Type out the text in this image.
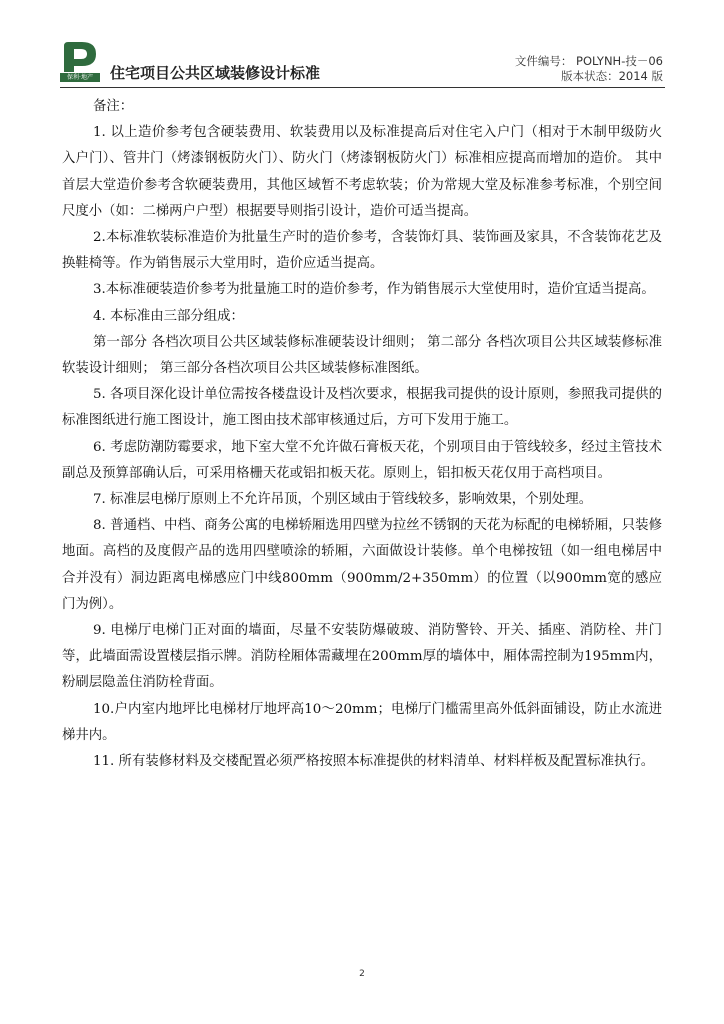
保利·地产	住宅项目公共区域装修设计标准
文件编号： POLYNH-技－06
版本状态：2014 版

备注：

1. 以上造价参考包含硬装费用、软装费用以及标准提高后对住宅入户门（相对于木制甲级防火 入户门）、管井门（烤漆钢板防火门）、防火门（烤漆钢板防火门）标准相应提高而增加的造价。 其中首层大堂造价参考含软硬装费用，其他区域暂不考虑软装；价为常规大堂及标准参考标准，个别空间尺度小（如：二梯两户户型）根据要导则指引设计，造价可适当提高。

2.本标准软装标准造价为批量生产时的造价参考，含装饰灯具、装饰画及家具，不含装饰花艺及换鞋椅等。作为销售展示大堂用时，造价应适当提高。

3.本标准硬装造价参考为批量施工时的造价参考，作为销售展示大堂使用时，造价宜适当提高。

4. 本标准由三部分组成：

第一部分 各档次项目公共区域装修标准硬装设计细则； 第二部分 各档次项目公共区域装修标准软装设计细则； 第三部分各档次项目公共区域装修标准图纸。

5. 各项目深化设计单位需按各楼盘设计及档次要求，根据我司提供的设计原则，参照我司提供的标准图纸进行施工图设计，施工图由技术部审核通过后，方可下发用于施工。

6. 考虑防潮防霉要求，地下室大堂不允许做石膏板天花，个别项目由于管线较多，经过主管技术副总及预算部确认后，可采用格栅天花或铝扣板天花。原则上，铝扣板天花仅用于高档项目。

7. 标准层电梯厅原则上不允许吊顶，个别区域由于管线较多，影响效果，个别处理。

8. 普通档、中档、商务公寓的电梯轿厢选用四壁为拉丝不锈钢的天花为标配的电梯轿厢，只装修地面。高档的及度假产品的选用四壁喷涂的轿厢，六面做设计装修。单个电梯按钮（如一组电梯居中合并没有）洞边距离电梯感应门中线800mm（900mm/2+350mm）的位置（以900mm宽的感应门为例）。

9. 电梯厅电梯门正对面的墙面，尽量不安装防爆破玻、消防警铃、开关、插座、消防栓、井门等，此墙面需设置楼层指示牌。消防栓厢体需藏埋在200mm厚的墙体中，厢体需控制为195mm内，粉刷层隐盖住消防栓背面。

10.户内室内地坪比电梯材厅地坪高10～20mm；电梯厅门槛需里高外低斜面铺设，防止水流进梯井内。

11. 所有装修材料及交楼配置必须严格按照本标准提供的材料清单、材料样板及配置标准执行。

2
